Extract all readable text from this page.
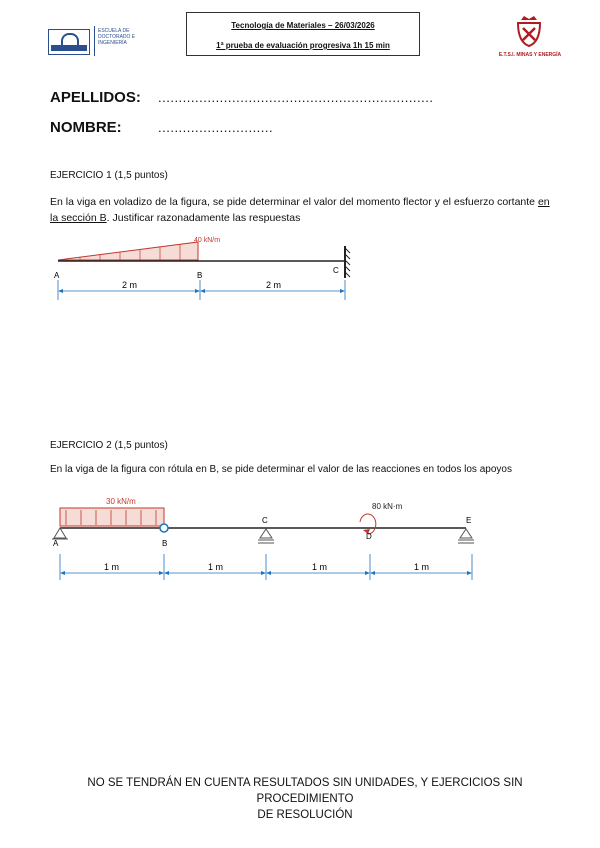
ESCUELA DE DOCTORADO E INGENIERÍA
Tecnología de Materiales – 26/03/2026
1ª prueba de evaluación progresiva 1h 15 min
E.T.S.I. MINAS Y ENERGÍA
APELLIDOS: ...................................................................
NOMBRE:	............................
EJERCICIO 1 (1,5 puntos)
En la viga en voladizo de la figura, se pide determinar el valor del momento flector y el esfuerzo cortante en la sección B. Justificar razonadamente las respuestas
40 kN/m
A	B
C
2 m	2 m
EJERCICIO 2 (1,5 puntos)
En la viga de la figura con rótula en B, se pide determinar el valor de las reacciones en todos los apoyos
30 kN/m
80 kN·m
A	B
C
D
E
1 m	1 m	1 m	1 m
NO SE TENDRÁN EN CUENTA RESULTADOS SIN UNIDADES, Y EJERCICIOS SIN PROCEDIMIENTO
DE RESOLUCIÓN
